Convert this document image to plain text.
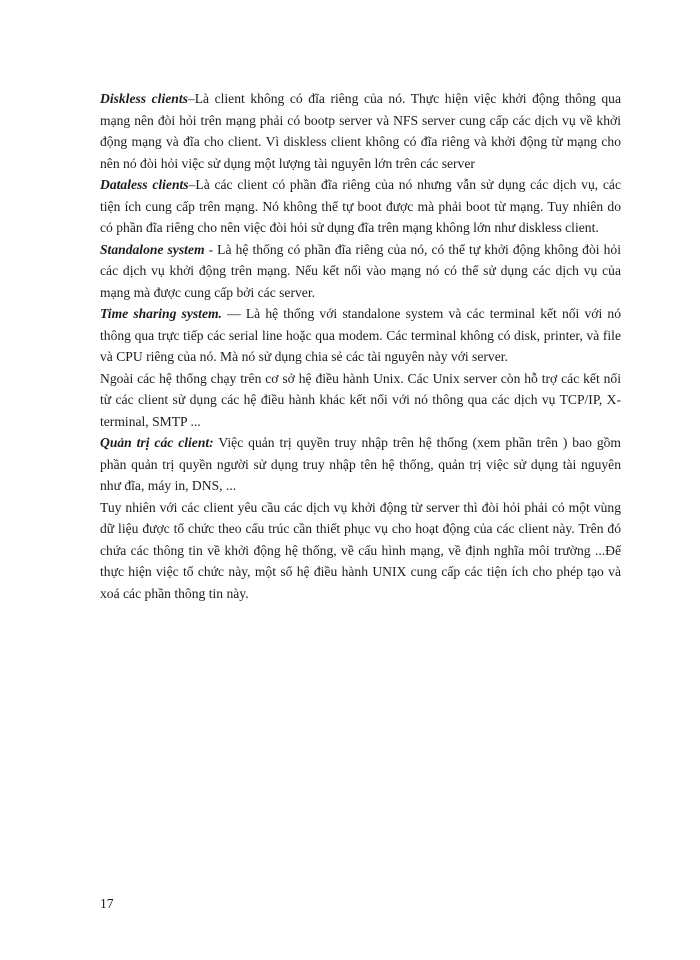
Diskless clients–Là client không có đĩa riêng của nó. Thực hiện việc khởi động thông qua mạng nên đòi hỏi trên mạng phải có bootp server và NFS server cung cấp các dịch vụ về khởi động mạng và đĩa cho client. Vì diskless client không có đĩa riêng và khởi động từ mạng cho nên nó đòi hỏi việc sử dụng một lượng tài nguyên lớn trên các server

Dataless clients–Là các client có phần đĩa riêng của nó nhưng vẫn sử dụng các dịch vụ, các tiện ích cung cấp trên mạng. Nó không thể tự boot được mà phải boot từ mạng. Tuy nhiên do có phần đĩa riêng cho nên việc đòi hỏi sử dụng đĩa trên mạng không lớn như diskless client.

Standalone system - Là hệ thống có phần đĩa riêng của nó, có thể tự khởi động không đòi hỏi các dịch vụ khởi động trên mạng. Nếu kết nối vào mạng nó có thể sử dụng các dịch vụ của mạng mà được cung cấp bởi các server.

Time sharing system. — Là hệ thống với standalone system và các terminal kết nối với nó thông qua trực tiếp các serial line hoặc qua modem. Các terminal không có disk, printer, và file và CPU riêng của nó. Mà nó sử dụng chia sẻ các tài nguyên này với server.

Ngoài các hệ thống chạy trên cơ sở hệ điều hành Unix. Các Unix server còn hỗ trợ các kết nối từ các client sử dụng các hệ điều hành khác kết nối với nó thông qua các dịch vụ TCP/IP, X-terminal, SMTP ...

Quản trị các client: Việc quản trị quyền truy nhập trên hệ thống (xem phần trên ) bao gồm phần quản trị quyền người sử dụng truy nhập tên hệ thống, quản trị việc sử dụng tài nguyên như đĩa, máy in, DNS, ...

Tuy nhiên với các client yêu cầu các dịch vụ khởi động từ server thì đòi hỏi phải có một vùng dữ liệu được tổ chức theo cấu trúc cần thiết phục vụ cho hoạt động của các client này. Trên đó chứa các thông tin về khởi động hệ thống, về cấu hình mạng, về định nghĩa môi trường ...Để thực hiện việc tổ chức này, một số hệ điều hành UNIX cung cấp các tiện ích cho phép tạo và xoá các phần thông tin này.

17
